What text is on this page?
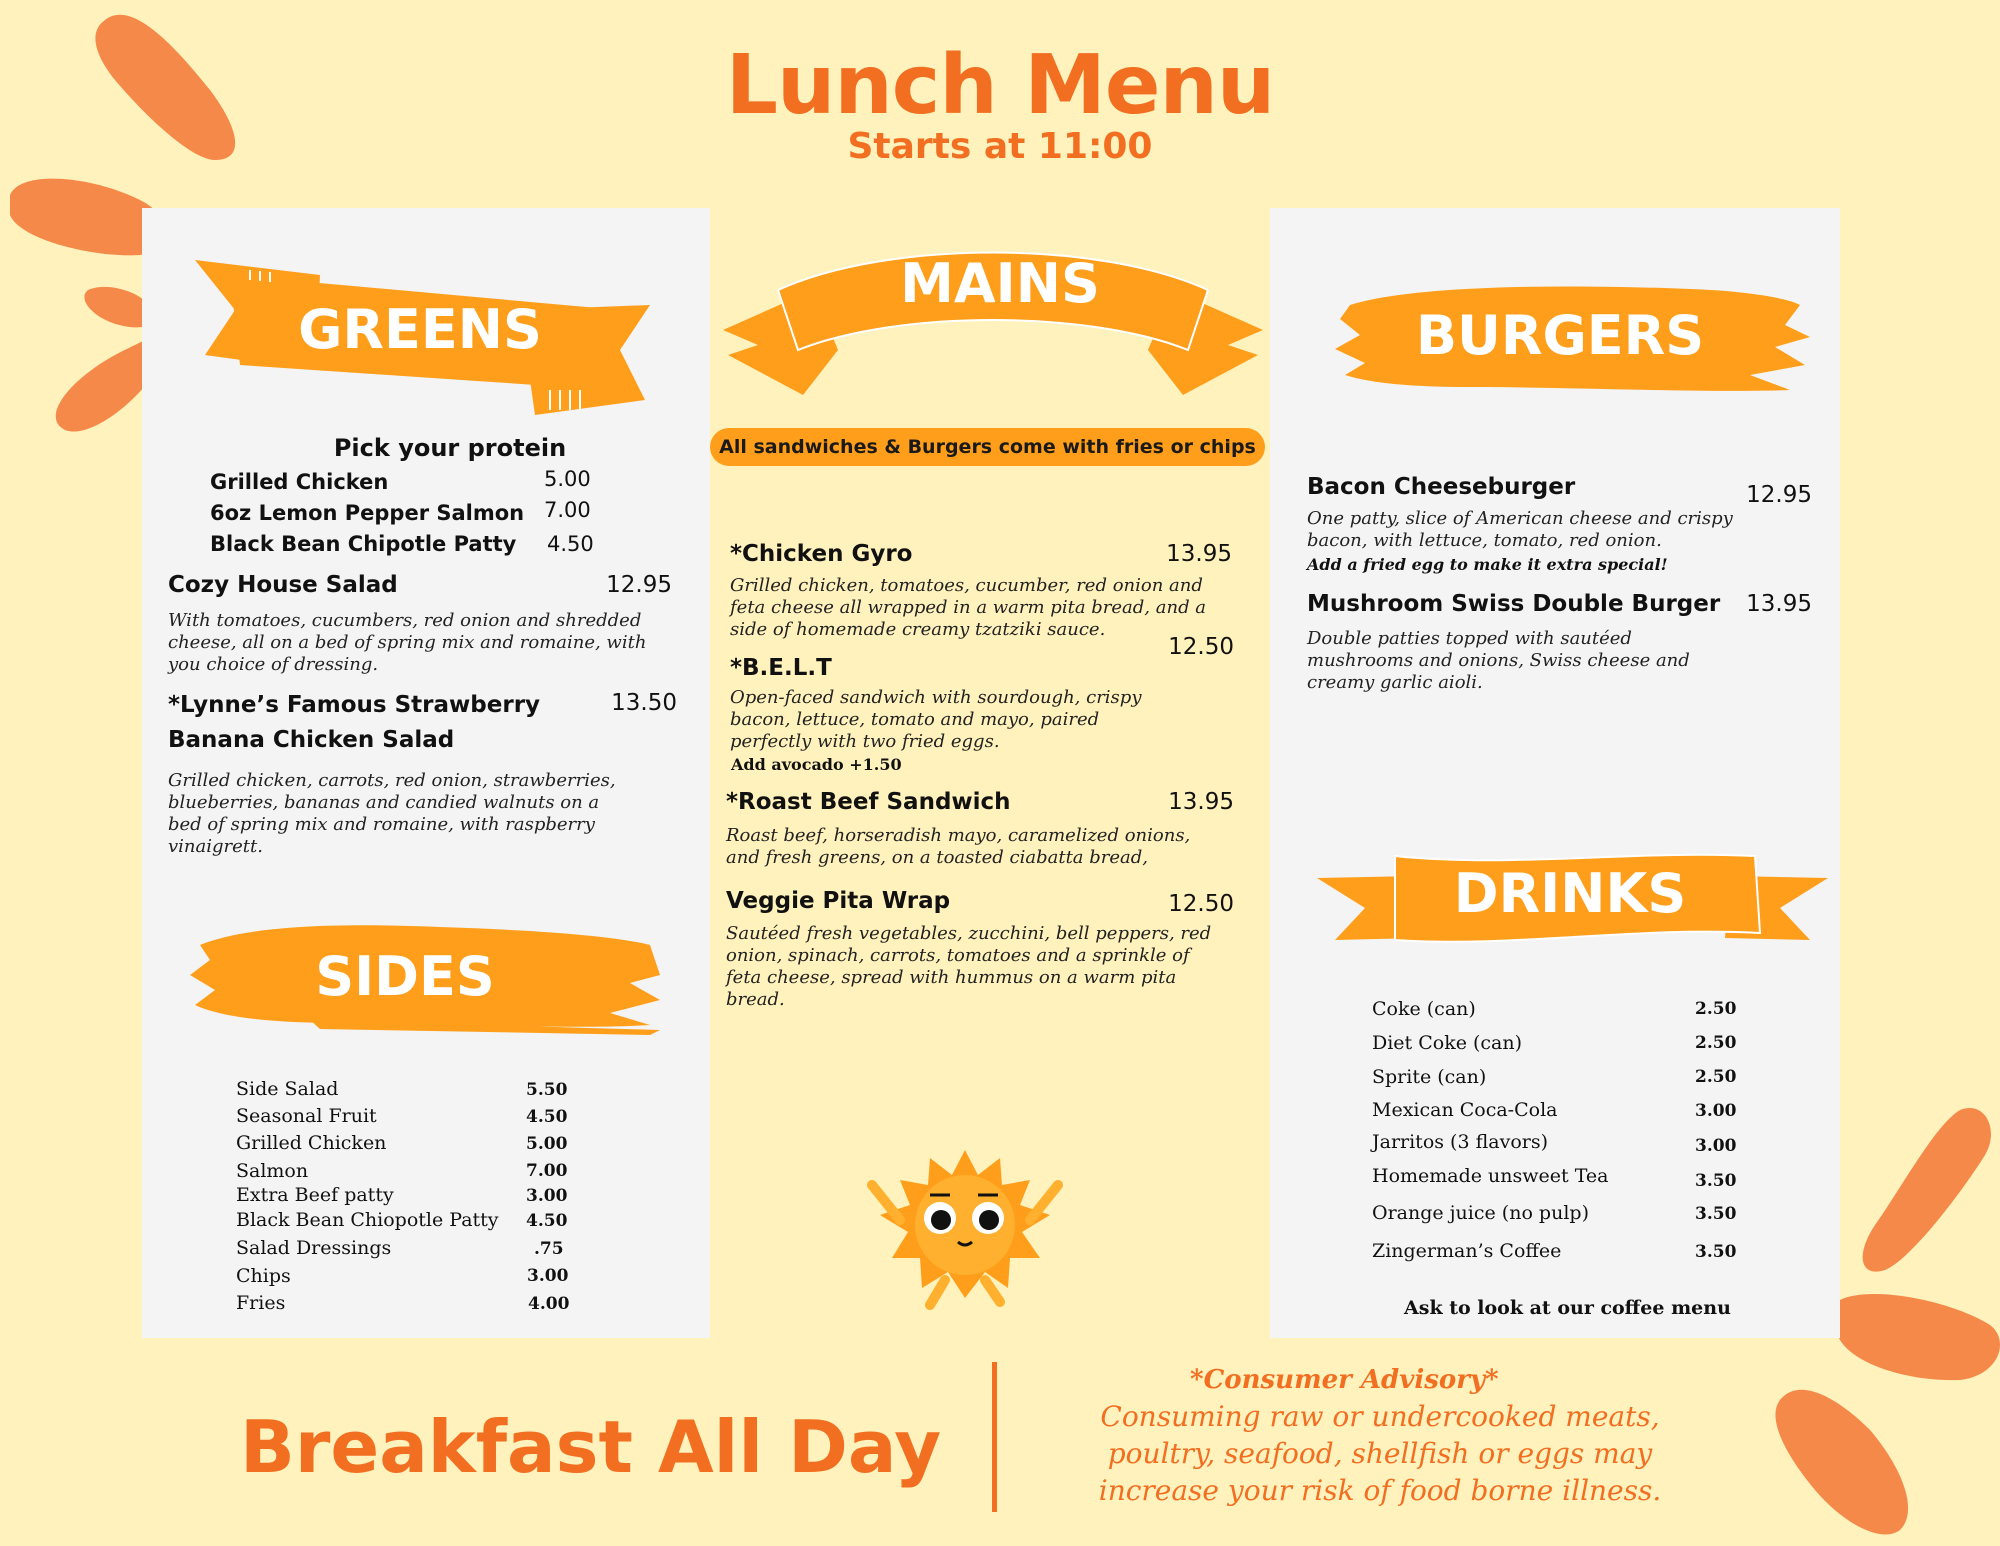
Lunch Menu
Starts at 11:00
GREENS
Pick your protein
Grilled Chicken	5.00
6oz Lemon Pepper Salmon 7.00
Black Bean Chipotle Patty 4.50
Cozy House Salad	12.95
With tomatoes, cucumbers, red onion and shredded
cheese, all on a bed of spring mix and romaine, with
you choice of dressing.
*Lynne’s Famous Strawberry
Banana Chicken Salad
13.50
Grilled chicken, carrots, red onion, strawberries,
blueberries, bananas and candied walnuts on a
bed of spring mix and romaine, with raspberry
vinaigrett.
SIDES
Side Salad	5.50
Seasonal Fruit	4.50
Grilled Chicken	5.00
Salmon	7.00
Extra Beef patty	3.00
Black Bean Chiopotle Patty 4.50
Salad Dressings	.75
Chips	3.00
Fries	4.00
MAINS
All sandwiches & Burgers come with fries or chips
*Chicken Gyro	13.95
Grilled chicken, tomatoes, cucumber, red onion and
feta cheese all wrapped in a warm pita bread, and a
side of homemade creamy tzatziki sauce.
*B.E.L.T
12.50
Open-faced sandwich with sourdough, crispy
bacon, lettuce, tomato and mayo, paired
perfectly with two fried eggs.
Add avocado +1.50
*Roast Beef Sandwich	13.95
Roast beef, horseradish mayo, caramelized onions,
and fresh greens, on a toasted ciabatta bread,
Veggie Pita Wrap	12.50
Sautéed fresh vegetables, zucchini, bell peppers, red
onion, spinach, carrots, tomatoes and a sprinkle of
feta cheese, spread with hummus on a warm pita
bread.
BURGERS
Bacon Cheeseburger	12.95
One patty, slice of American cheese and crispy
bacon, with lettuce, tomato, red onion.
Add a fried egg to make it extra special!
Mushroom Swiss Double Burger	13.95
Double patties topped with sautéed
mushrooms and onions, Swiss cheese and
creamy garlic aioli.
DRINKS
Coke (can)	2.50
Diet Coke (can)	2.50
Sprite (can)	2.50
Mexican Coca-Cola	3.00
Jarritos (3 flavors)	3.00
Homemade unsweet Tea	3.50
Orange juice (no pulp)	3.50
Zingerman’s Coffee	3.50
Ask to look at our coffee menu
Breakfast All Day
*Consumer Advisory*
Consuming raw or undercooked meats,
poultry, seafood, shellfish or eggs may
increase your risk of food borne illness.
